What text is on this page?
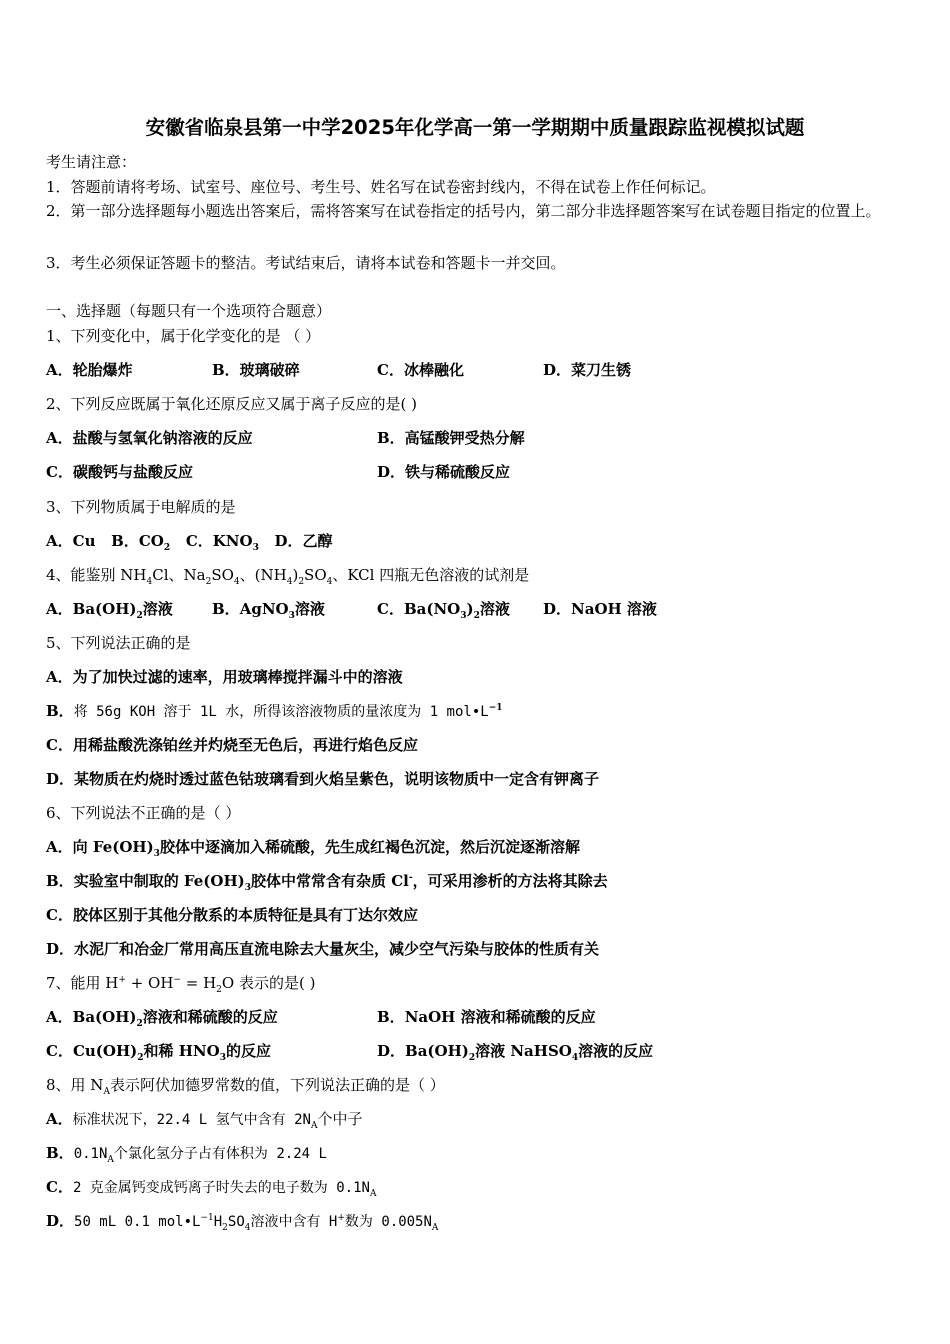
安徽省临泉县第一中学2025年化学高一第一学期期中质量跟踪监视模拟试题
考生请注意：
1．答题前请将考场、试室号、座位号、考生号、姓名写在试卷密封线内，不得在试卷上作任何标记。
2．第一部分选择题每小题选出答案后，需将答案写在试卷指定的括号内，第二部分非选择题答案写在试卷题目指定的位置上。
3．考生必须保证答题卡的整洁。考试结束后，请将本试卷和答题卡一并交回。
一、选择题（每题只有一个选项符合题意）
1、下列变化中，属于化学变化的是 （ ）
A．轮胎爆炸	B．玻璃破碎	C．冰棒融化	D．菜刀生锈
2、下列反应既属于氧化还原反应又属于离子反应的是( )
A．盐酸与氢氧化钠溶液的反应	B．高锰酸钾受热分解
C．碳酸钙与盐酸反应	D．铁与稀硫酸反应
3、下列物质属于电解质的是
A．Cu B．$CO_2$ C．$KNO_3$ D．乙醇
4、能鉴别 $NH_4Cl$、$Na_2SO_4$、$(NH_4)_2SO_4$、KCl 四瓶无色溶液的试剂是
A．$Ba(OH)_2$溶液	B．AgNO$_3$溶液	C．$Ba(NO_3)_2$溶液 D．NaOH 溶液
5、下列说法正确的是
A．为了加快过滤的速率，用玻璃棒搅拌漏斗中的溶液
B．将 56g KOH 溶于 1L 水，所得该溶液物质的量浓度为 1 $mol•L^{-1}$
C．用稀盐酸洗涤铂丝并灼烧至无色后，再进行焰色反应
D．某物质在灼烧时透过蓝色钴玻璃看到火焰呈紫色，说明该物质中一定含有钾离子
6、下列说法不正确的是（ ）
A．向 $Fe(OH)_3$胶体中逐滴加入稀硫酸，先生成红褐色沉淀，然后沉淀逐渐溶解
B．实验室中制取的 $Fe(OH)_3$胶体中常常含有杂质 Cl-，可采用渗析的方法将其除去
C．胶体区别于其他分散系的本质特征是具有丁达尔效应
D．水泥厂和冶金厂常用高压直流电除去大量灰尘，减少空气污染与胶体的性质有关
7、能用 $H^+ + OH^- = H_2O$ 表示的是( )
A．$Ba(OH)_2$溶液和稀硫酸的反应	B．NaOH 溶液和稀硫酸的反应
C．$Cu(OH)_2$和稀 $HNO_3$的反应	D．$Ba(OH)_2$溶液 NaHSO$_4$溶液的反应
8、用 $N_A$表示阿伏加德罗常数的值，下列说法正确的是（ ）
A．标准状况下，22.4 L 氢气中含有 $2N_A$个中子
B．$0.1N_A$个氯化氢分子占有体积为 2.24 L
C．2 克金属钙变成钙离子时失去的电子数为 $0.1N_A$
D．50 mL 0.1 $mol•L^{-1}H_2SO_4$溶液中含有 H+数为 $0.005N_A$
